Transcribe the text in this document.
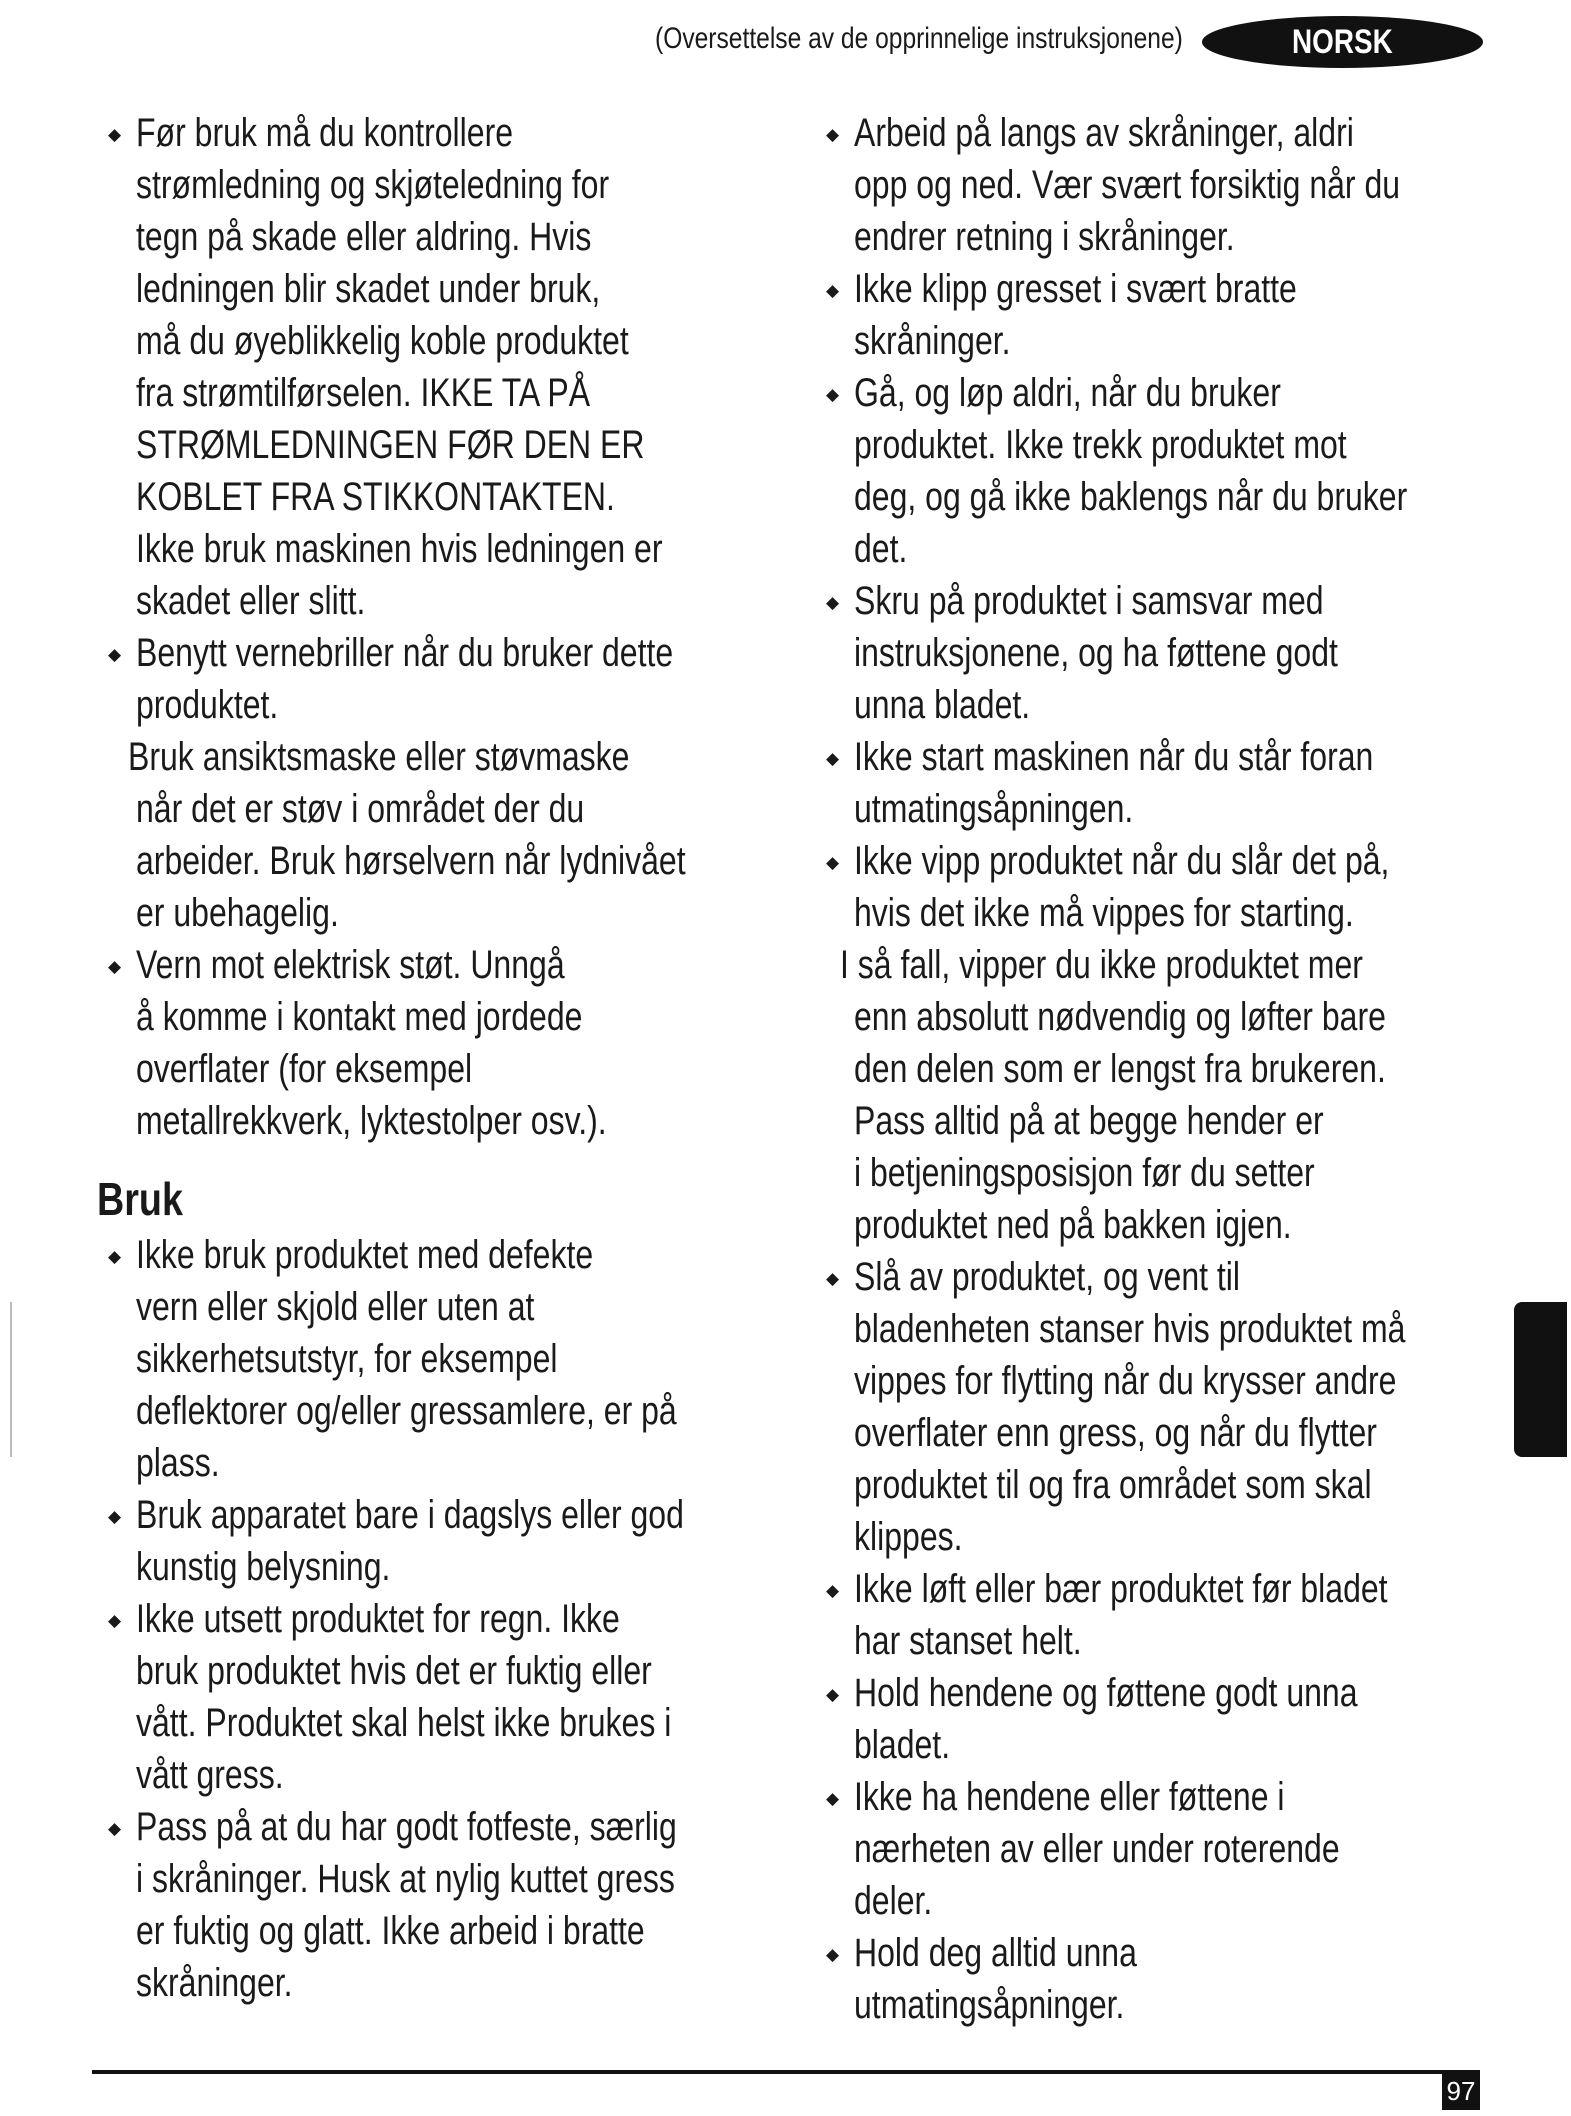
(Oversettelse av de opprinnelige instruksjonene)	NORSK
◆ Før bruk må du kontrollere
strømledning og skjøteledning for
tegn på skade eller aldring. Hvis
ledningen blir skadet under bruk,
må du øyeblikkelig koble produktet
fra strømtilførselen. IKKE TA PÅ
STRØMLEDNINGEN FØR DEN ER
KOBLET FRA STIKKONTAKTEN.
Ikke bruk maskinen hvis ledningen er
skadet eller slitt.
◆ Benytt vernebriller når du bruker dette
produktet.
Bruk ansiktsmaske eller støvmaske
når det er støv i området der du
arbeider. Bruk hørselvern når lydnivået
er ubehagelig.
◆ Vern mot elektrisk støt. Unngå
å komme i kontakt med jordede
overflater (for eksempel
metallrekkverk, lyktestolper osv.).
Bruk
◆ Ikke bruk produktet med defekte
vern eller skjold eller uten at
sikkerhetsutstyr, for eksempel
deflektorer og/eller gressamlere, er på
plass.
◆ Bruk apparatet bare i dagslys eller god
kunstig belysning.
◆ Ikke utsett produktet for regn. Ikke
bruk produktet hvis det er fuktig eller
vått. Produktet skal helst ikke brukes i
vått gress.
◆ Pass på at du har godt fotfeste, særlig
i skråninger. Husk at nylig kuttet gress
er fuktig og glatt. Ikke arbeid i bratte
skråninger.
◆ Arbeid på langs av skråninger, aldri
opp og ned. Vær svært forsiktig når du
endrer retning i skråninger.
◆ Ikke klipp gresset i svært bratte
skråninger.
◆ Gå, og løp aldri, når du bruker
produktet. Ikke trekk produktet mot
deg, og gå ikke baklengs når du bruker
det.
◆ Skru på produktet i samsvar med
instruksjonene, og ha føttene godt
unna bladet.
◆ Ikke start maskinen når du står foran
utmatingsåpningen.
◆ Ikke vipp produktet når du slår det på,
hvis det ikke må vippes for starting.
I så fall, vipper du ikke produktet mer
enn absolutt nødvendig og løfter bare
den delen som er lengst fra brukeren.
Pass alltid på at begge hender er
i betjeningsposisjon før du setter
produktet ned på bakken igjen.
◆ Slå av produktet, og vent til
bladenheten stanser hvis produktet må
vippes for flytting når du krysser andre
overflater enn gress, og når du flytter
produktet til og fra området som skal
klippes.
◆ Ikke løft eller bær produktet før bladet
har stanset helt.
◆ Hold hendene og føttene godt unna
bladet.
◆ Ikke ha hendene eller føttene i
nærheten av eller under roterende
deler.
◆ Hold deg alltid unna
utmatingsåpninger.
97
